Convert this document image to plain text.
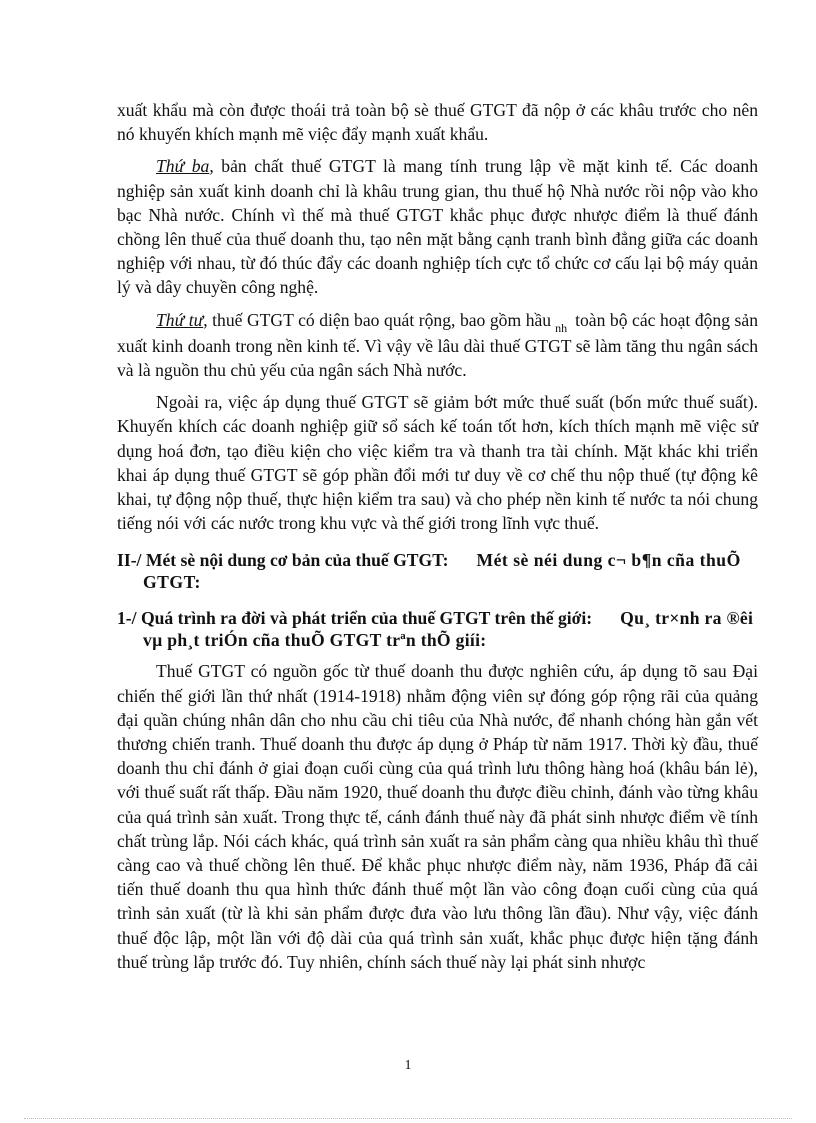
xuất khẩu mà còn được thoái trả toàn bộ sè thuế GTGT đã nộp ở các khâu trước cho nên nó khuyến khích mạnh mẽ việc đẩy mạnh xuất khẩu.

Thứ ba, bản chất thuế GTGT là mang tính trung lập về mặt kinh tế. Các doanh nghiệp sản xuất kinh doanh chỉ là khâu trung gian, thu thuế hộ Nhà nước rồi nộp vào kho bạc Nhà nước. Chính vì thế mà thuế GTGT khắc phục được nhược điểm là thuế đánh chồng lên thuế của thuế doanh thu, tạo nên mặt bằng cạnh tranh bình đẳng giữa các doanh nghiệp với nhau, từ đó thúc đẩy các doanh nghiệp tích cực tổ chức cơ cấu lại bộ máy quản lý và dây chuyền công nghệ.

Thứ tư, thuế GTGT có diện bao quát rộng, bao gồm hầu $_{nh}$ toàn bộ các hoạt động sản xuất kinh doanh trong nền kinh tế. Vì vậy về lâu dài thuế GTGT sẽ làm tăng thu ngân sách và là nguồn thu chủ yếu của ngân sách Nhà nước.

Ngoài ra, việc áp dụng thuế GTGT sẽ giảm bớt mức thuế suất (bốn mức thuế suất). Khuyến khích các doanh nghiệp giữ sổ sách kế toán tốt hơn, kích thích mạnh mẽ việc sử dụng hoá đơn, tạo điều kiện cho việc kiểm tra và thanh tra tài chính. Mặt khác khi triển khai áp dụng thuế GTGT sẽ góp phần đổi mới tư duy về cơ chế thu nộp thuế (tự động kê khai, tự động nộp thuế, thực hiện kiểm tra sau) và cho phép nền kinh tế nước ta nói chung tiếng nói với các nước trong khu vực và thế giới trong lĩnh vực thuế.

II-/ Mét sè nội dung cơ bản của thuế GTGT: Mét sè néi dung c¬ b¶n cña thuÕ GTGT:
1-/ Quá trình ra đời và phát triển của thuế GTGT trên thế giới: Qu¸ tr×nh ra ®êi vµ ph¸t triÓn cña thuÕ GTGT trªn thÕ giíi:

Thuế GTGT có nguồn gốc từ thuế doanh thu được nghiên cứu, áp dụng tõ sau Đại chiến thế giới lần thứ nhất (1914-1918) nhằm động viên sự đóng góp rộng rãi của quảng đại quần chúng nhân dân cho nhu cầu chi tiêu của Nhà nước, để nhanh chóng hàn gắn vết thương chiến tranh. Thuế doanh thu được áp dụng ở Pháp từ năm 1917. Thời kỳ đầu, thuế doanh thu chỉ đánh ở giai đoạn cuối cùng của quá trình lưu thông hàng hoá (khâu bán lẻ), với thuế suất rất thấp. Đầu năm 1920, thuế doanh thu được điều chỉnh, đánh vào từng khâu của quá trình sản xuất. Trong thực tế, cánh đánh thuế này đã phát sinh nhược điểm về tính chất trùng lắp. Nói cách khác, quá trình sản xuất ra sản phẩm càng qua nhiều khâu thì thuế càng cao và thuế chồng lên thuế. Để khắc phục nhược điểm này, năm 1936, Pháp đã cải tiến thuế doanh thu qua hình thức đánh thuế một lần vào công đoạn cuối cùng của quá trình sản xuất (từ là khi sản phẩm được đưa vào lưu thông lần đầu). Như vậy, việc đánh thuế độc lập, một lần với độ dài của quá trình sản xuất, khắc phục được hiện tặng đánh thuế trùng lắp trước đó. Tuy nhiên, chính sách thuế này lại phát sinh nhược

1
